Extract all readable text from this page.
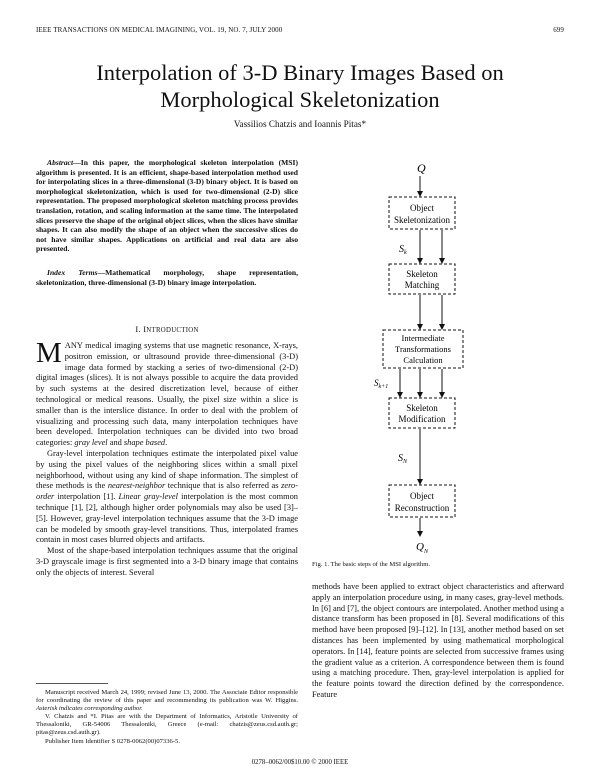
IEEE TRANSACTIONS ON MEDICAL IMAGINING, VOL. 19, NO. 7, JULY 2000	699
Interpolation of 3-D Binary Images Based on
Morphological Skeletonization
Vassilios Chatzis and Ioannis Pitas*
Abstract—In this paper, the morphological skeleton interpolation (MSI) algorithm is presented. It is an efficient, shape-based interpolation method used for interpolating slices in a three-dimensional (3-D) binary object. It is based on morphological skeletonization, which is used for two-dimensional (2-D) slice representation. The proposed morphological skeleton matching process provides translation, rotation, and scaling information at the same time. The interpolated slices preserve the shape of the original object slices, when the slices have similar shapes. It can also modify the shape of an object when the successive slices do not have similar shapes. Applications on artificial and real data are also presented.
Index Terms—Mathematical morphology, shape representation, skeletonization, three-dimensional (3-D) binary image interpolation.
I. INTRODUCTION

MANY medical imaging systems that use magnetic resonance, X-rays, positron emission, or ultrasound provide three-dimensional (3-D) image data formed by stacking a series of two-dimensional (2-D) digital images (slices). It is not always possible to acquire the data provided by such systems at the desired discretization level, because of either technological or medical reasons. Usually, the pixel size within a slice is smaller than is the interslice distance. In order to deal with the problem of visualizing and processing such data, many interpolation techniques have been developed. Interpolation techniques can be divided into two broad categories: gray level and shape based.

Gray-level interpolation techniques estimate the interpolated pixel value by using the pixel values of the neighboring slices within a small pixel neighborhood, without using any kind of shape information. The simplest of these methods is the nearest-neighbor technique that is also referred as zero-order interpolation [1]. Linear gray-level interpolation is the most common technique [1], [2], although higher order polynomials may also be used [3]–[5]. However, gray-level interpolation techniques assume that the 3-D image can be modeled by smooth gray-level transitions. Thus, interpolated frames contain in most cases blurred objects and artifacts.

Most of the shape-based interpolation techniques assume that the original 3-D grayscale image is first segmented into a 3-D binary image that contains only the objects of interest. Several

Manuscript received March 24, 1999; revised June 13, 2000. The Associate Editor responsible for coordinating the review of this paper and recommending its publication was W. Higgins. Asterisk indicates corresponding author.

V. Chatzis and *I. Pitas are with the Department of Informatics, Aristotle University of Thessaloniki, GR-54006 Thessaloniki, Greece (e-mail: chatzis@zeus.csd.auth.gr; pitas@zeus.csd.auth.gr).

Publisher Item Identifier S 0278-0062(00)07336-5.

Q
Object
Skeletonization
$S_k$
Skeleton
Matching
Intermediate
Transformations
Calculation
$S_{k+1}$
Skeleton
Modification
$S_N$
Object
Reconstruction
$Q_N$
Fig. 1. The basic steps of the MSI algorithm.

methods have been applied to extract object characteristics and afterward apply an interpolation procedure using, in many cases, gray-level methods. In [6] and [7], the object contours are interpolated. Another method using a distance transform has been proposed in [8]. Several modifications of this method have been proposed [9]–[12]. In [13], another method based on set distances has been implemented by using mathematical morphological operators. In [14], feature points are selected from successive frames using the gradient value as a criterion. A correspondence between them is found using a matching procedure. Then, gray-level interpolation is applied for the feature points toward the direction defined by the correspondence. Feature

0278–0062/00$10.00 © 2000 IEEE
